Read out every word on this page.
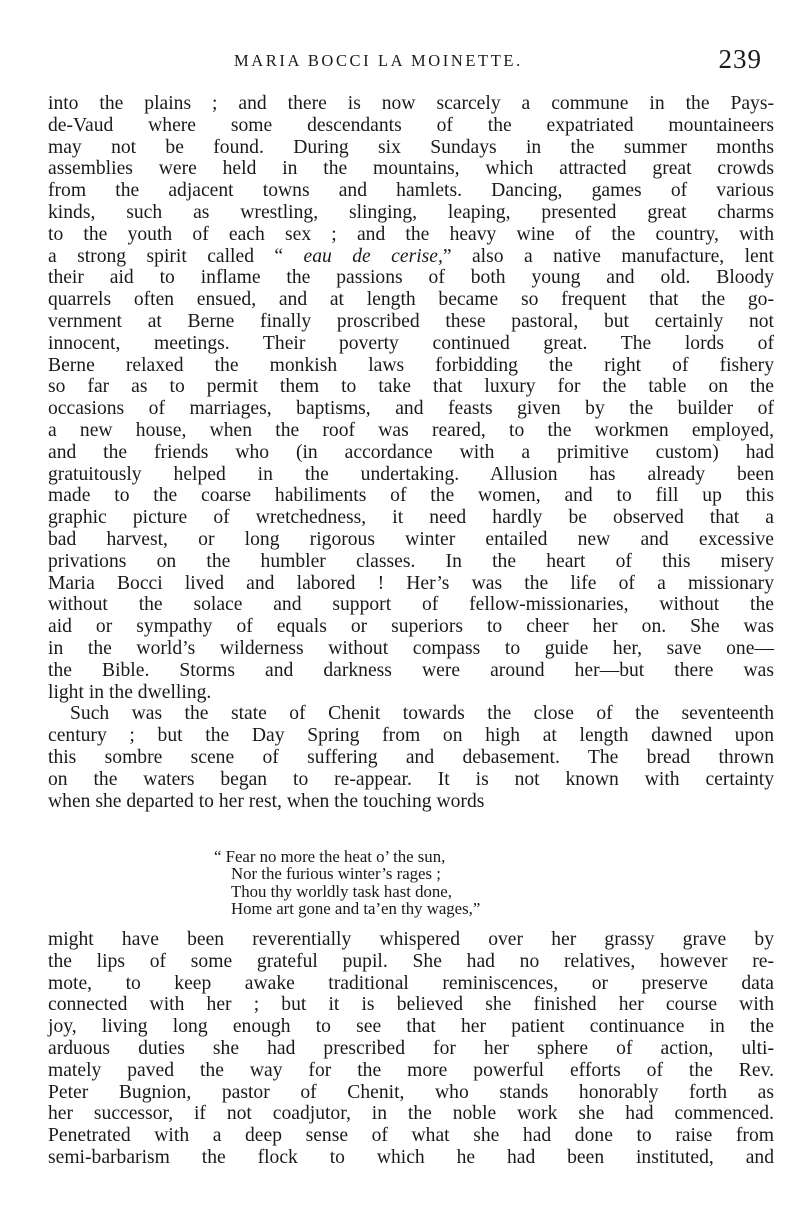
MARIA BOCCI LA MOINETTE.	239
into the plains ; and there is now scarcely a commune in the Pays-
de-Vaud where some descendants of the expatriated mountaineers
may not be found. During six Sundays in the summer months
assemblies were held in the mountains, which attracted great crowds
from the adjacent towns and hamlets. Dancing, games of various
kinds, such as wrestling, slinging, leaping, presented great charms
to the youth of each sex ; and the heavy wine of the country, with
a strong spirit called “ eau de cerise,” also a native manufacture, lent
their aid to inflame the passions of both young and old. Bloody
quarrels often ensued, and at length became so frequent that the go-
vernment at Berne finally proscribed these pastoral, but certainly not
innocent, meetings. Their poverty continued great. The lords of
Berne relaxed the monkish laws forbidding the right of fishery
so far as to permit them to take that luxury for the table on the
occasions of marriages, baptisms, and feasts given by the builder of
a new house, when the roof was reared, to the workmen employed,
and the friends who (in accordance with a primitive custom) had
gratuitously helped in the undertaking. Allusion has already been
made to the coarse habiliments of the women, and to fill up this
graphic picture of wretchedness, it need hardly be observed that a
bad harvest, or long rigorous winter entailed new and excessive
privations on the humbler classes. In the heart of this misery
Maria Bocci lived and labored ! Her’s was the life of a missionary
without the solace and support of fellow-missionaries, without the
aid or sympathy of equals or superiors to cheer her on. She was
in the world’s wilderness without compass to guide her, save one—
the Bible. Storms and darkness were around her—but there was
light in the dwelling.
Such was the state of Chenit towards the close of the seventeenth
century ; but the Day Spring from on high at length dawned upon
this sombre scene of suffering and debasement. The bread thrown
on the waters began to re-appear. It is not known with certainty
when she departed to her rest, when the touching words
“ Fear no more the heat o’ the sun,
Nor the furious winter’s rages ;
Thou thy worldly task hast done,
Home art gone and ta’en thy wages,”
might have been reverentially whispered over her grassy grave by
the lips of some grateful pupil. She had no relatives, however re-
mote, to keep awake traditional reminiscences, or preserve data
connected with her ; but it is believed she finished her course with
joy, living long enough to see that her patient continuance in the
arduous duties she had prescribed for her sphere of action, ulti-
mately paved the way for the more powerful efforts of the Rev.
Peter Bugnion, pastor of Chenit, who stands honorably forth as
her successor, if not coadjutor, in the noble work she had commenced.
Penetrated with a deep sense of what she had done to raise from
semi-barbarism the flock to which he had been instituted, and
